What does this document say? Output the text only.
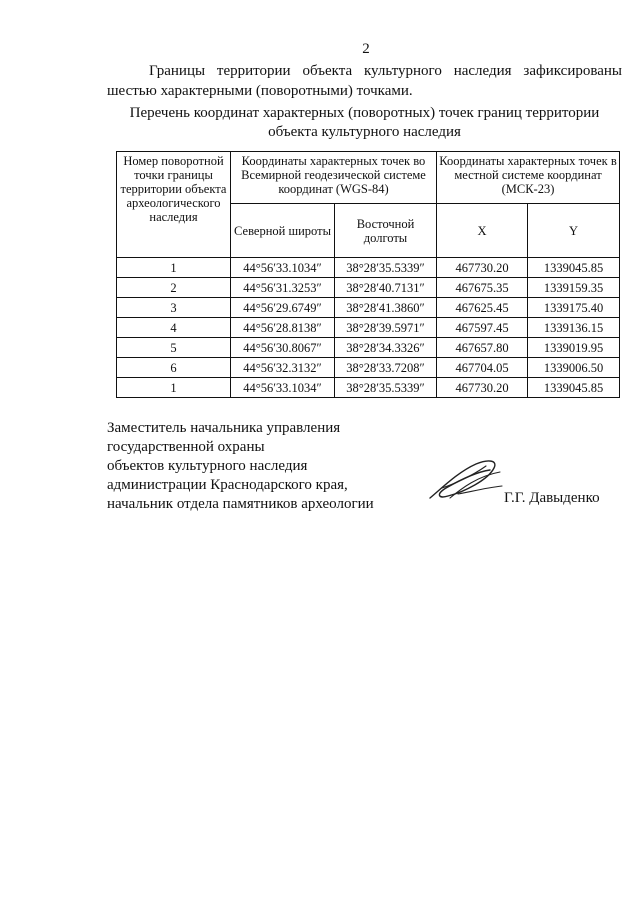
2

Границы территории объекта культурного наследия зафиксированы шестью характерными (поворотными) точками.

Перечень координат характерных (поворотных) точек границ территории объекта культурного наследия

Номер поворотной точки границы территории объекта археологического наследия	Координаты характерных точек во Всемирной геодезической системе координат (WGS-84)		Координаты характерных точек в местной системе координат (МСК-23)	
	Северной широты	Восточной долготы	X	Y
1	44°56′33.1034″	38°28′35.5339″	467730.20	1339045.85
2	44°56′31.3253″	38°28′40.7131″	467675.35	1339159.35
3	44°56′29.6749″	38°28′41.3860″	467625.45	1339175.40
4	44°56′28.8138″	38°28′39.5971″	467597.45	1339136.15
5	44°56′30.8067″	38°28′34.3326″	467657.80	1339019.95
6	44°56′32.3132″	38°28′33.7208″	467704.05	1339006.50
1	44°56′33.1034″	38°28′35.5339″	467730.20	1339045.85
Заместитель начальника управления
государственной охраны
объектов культурного наследия
администрации Краснодарского края,
начальник отдела памятников археологии	Г.Г. Давыденко
